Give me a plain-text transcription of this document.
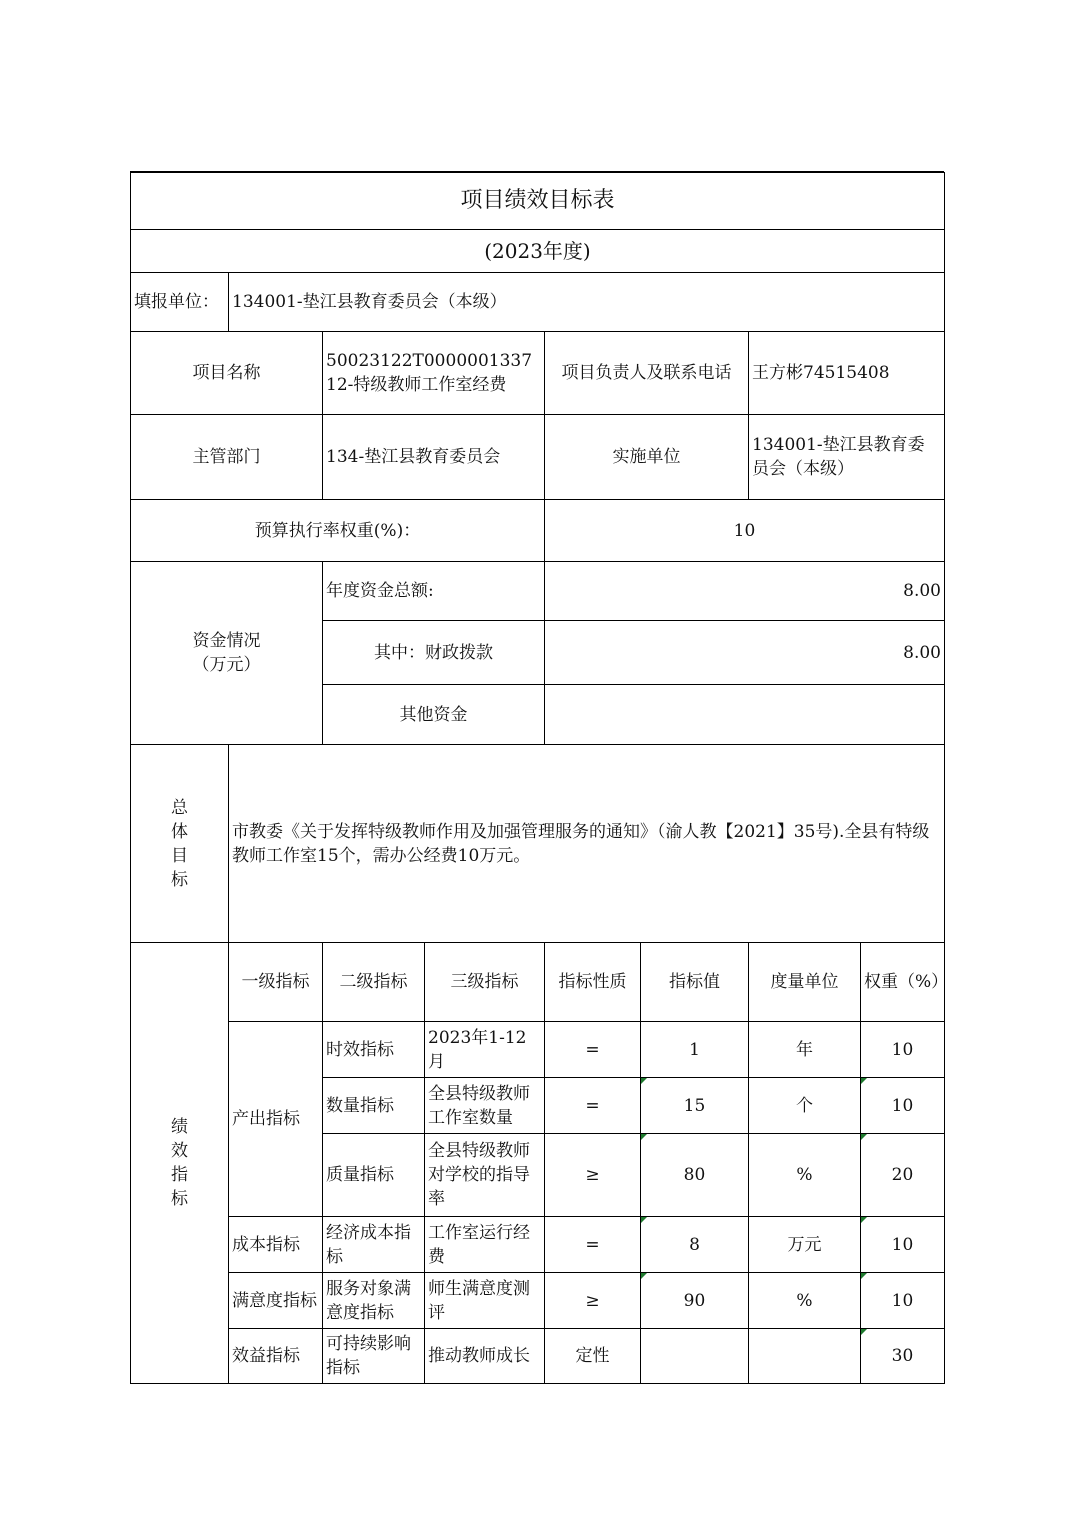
项目绩效目标表							
(2023年度)							
填报单位：	134001-垫江县教育委员会（本级）						
项目名称		50023122T000000133712-特级教师工作室经费		项目负责人及联系电话		王方彬74515408	
主管部门		134-垫江县教育委员会		实施单位		134001-垫江县教育委员会（本级）	
预算执行率权重(%)：				10			

资金情况
（万元）		年度资金总额:		8.00			
		其中：财政拨款		8.00			
		其他资金					

总
体
目
标	市教委《关于发挥特级教师作用及加强管理服务的通知》（渝人教【2021】35号).全县有特级教师工作室15个，需办公经费10万元。						

绩
效
指
标	一级指标	二级指标	三级指标	指标性质	指标值	度量单位	权重（%）
	产出指标	时效指标	2023年1-12月	=	1	年	10
		数量指标	全县特级教师工作室数量	=	15	个	10
		质量指标	全县特级教师对学校的指导率	≥	80	%	20
	成本指标	经济成本指标	工作室运行经费	=	8	万元	10
	满意度指标	服务对象满意度指标	师生满意度测评	≥	90	%	10
	效益指标	可持续影响指标	推动教师成长	定性			30
